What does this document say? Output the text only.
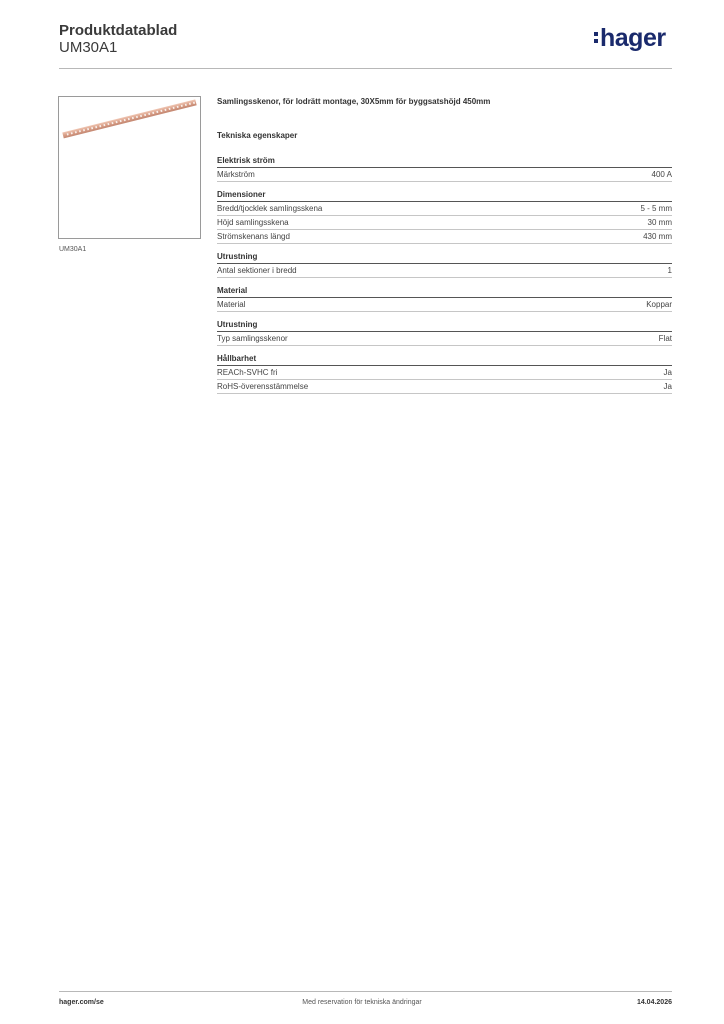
Produktdatablad
UM30A1	hager
UM30A1
Samlingsskenor, för lodrätt montage, 30X5mm för byggsatshöjd 450mm
Tekniska egenskaper
Elektrisk ström
Märkström	400 A
Dimensioner
Bredd/tjocklek samlingsskena	5 - 5 mm
Höjd samlingsskena	30 mm
Strömskenans längd	430 mm
Utrustning
Antal sektioner i bredd	1
Material
Material	Koppar
Utrustning
Typ samlingsskenor	Flat
Hållbarhet
REACh-SVHC fri	Ja
RoHS-överensstämmelse	Ja
hager.com/se	Med reservation för tekniska ändringar	14.04.2026
